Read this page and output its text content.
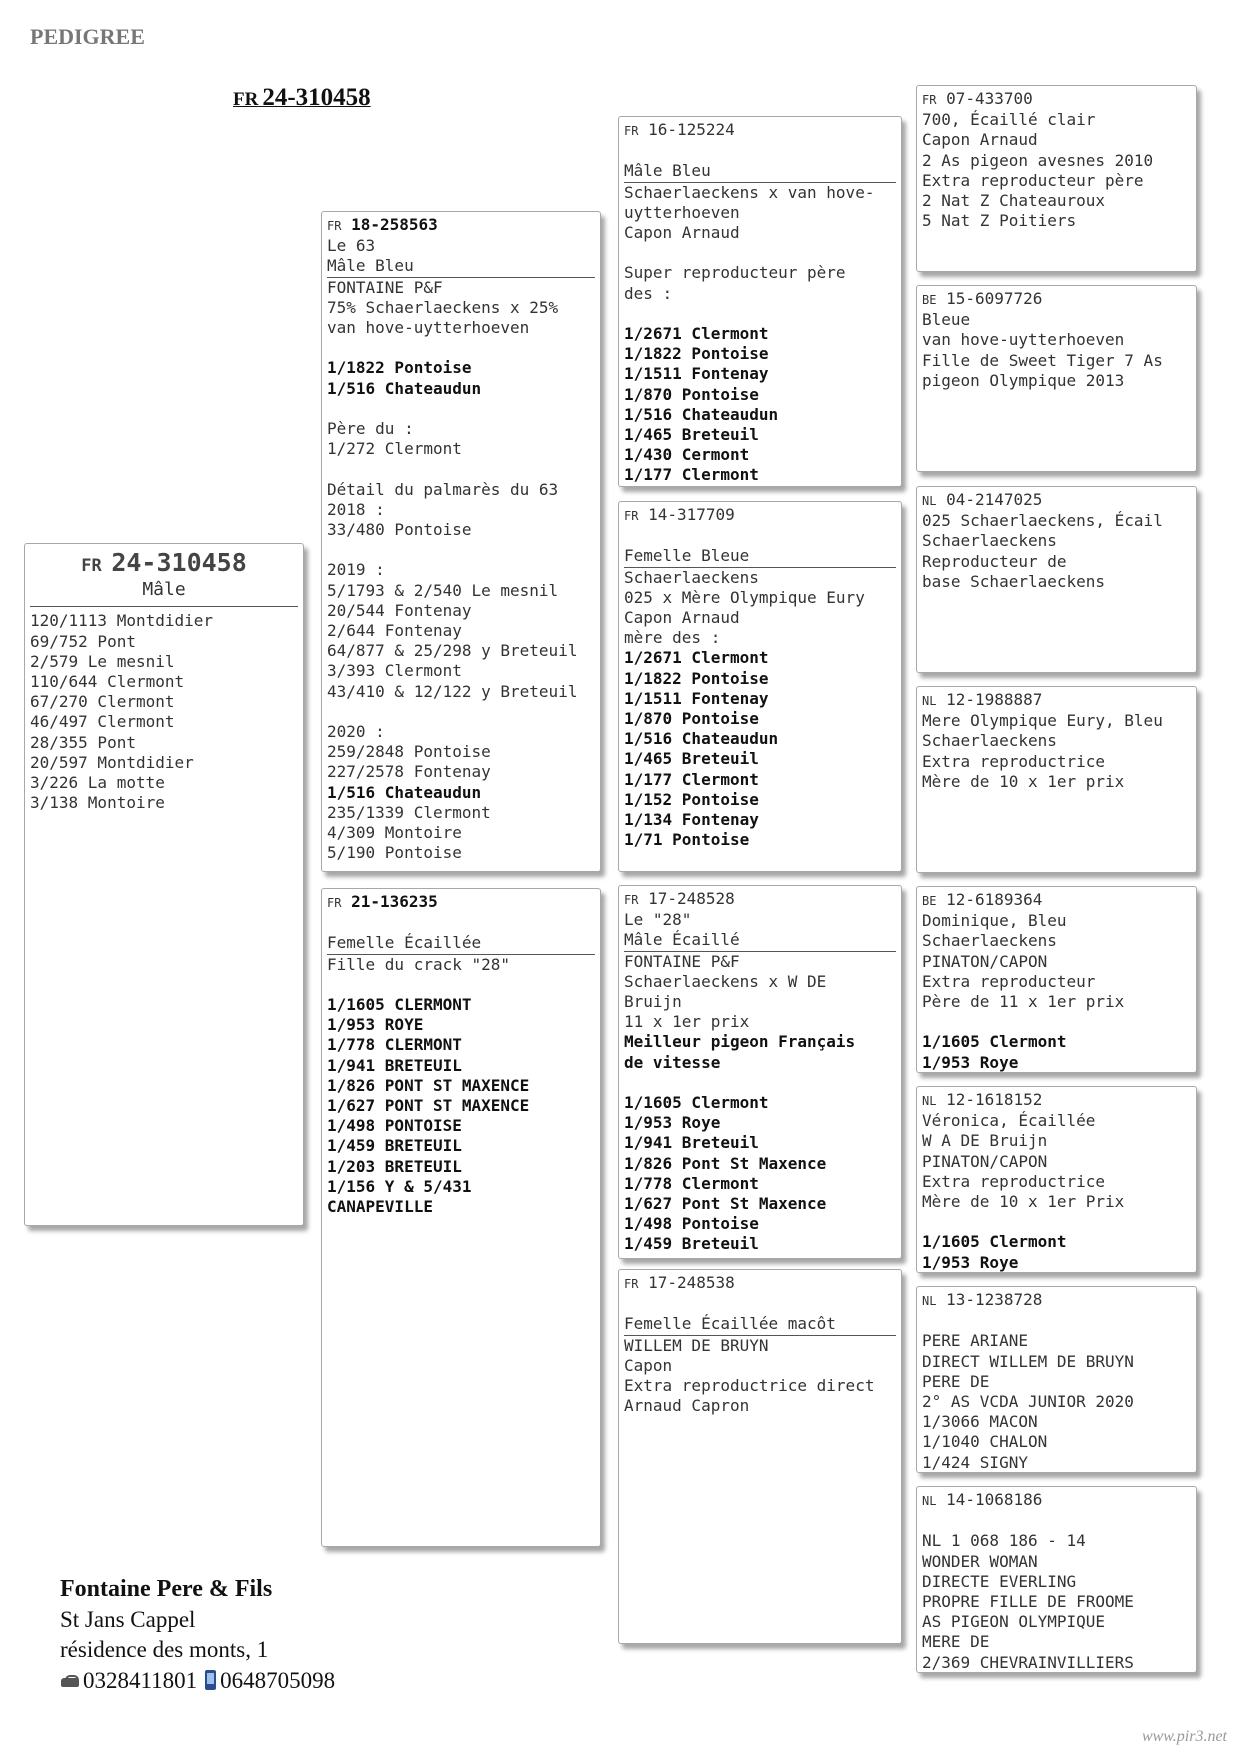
PEDIGREE
FR 24-310458
FR 24-310458
Mâle
120/1113 Montdidier
69/752 Pont
2/579 Le mesnil
110/644 Clermont
67/270 Clermont
46/497 Clermont
28/355 Pont
20/597 Montdidier
3/226 La motte
3/138 Montoire
FR 18-258563
Le 63
Mâle Bleu
FONTAINE P&F
75% Schaerlaeckens x 25%
van hove-uytterhoeven
1/1822 Pontoise
1/516 Chateaudun
Père du :
1/272 Clermont
Détail du palmarès du 63
2018 :
33/480 Pontoise
2019 :
5/1793 & 2/540 Le mesnil
20/544 Fontenay
2/644 Fontenay
64/877 & 25/298 y Breteuil
3/393 Clermont
43/410 & 12/122 y Breteuil
2020 :
259/2848 Pontoise
227/2578 Fontenay
1/516 Chateaudun
235/1339 Clermont
4/309 Montoire
5/190 Pontoise
FR 21-136235
Femelle Écaillée
Fille du crack "28"
1/1605 CLERMONT
1/953 ROYE
1/778 CLERMONT
1/941 BRETEUIL
1/826 PONT ST MAXENCE
1/627 PONT ST MAXENCE
1/498 PONTOISE
1/459 BRETEUIL
1/203 BRETEUIL
1/156 Y & 5/431
CANAPEVILLE
FR 16-125224
Mâle Bleu
Schaerlaeckens x van hove-
uytterhoeven
Capon Arnaud
Super reproducteur père
des :
1/2671 Clermont
1/1822 Pontoise
1/1511 Fontenay
1/870 Pontoise
1/516 Chateaudun
1/465 Breteuil
1/430 Cermont
1/177 Clermont
FR 14-317709
Femelle Bleue
Schaerlaeckens
025 x Mère Olympique Eury
Capon Arnaud
mère des :
1/2671 Clermont
1/1822 Pontoise
1/1511 Fontenay
1/870 Pontoise
1/516 Chateaudun
1/465 Breteuil
1/177 Clermont
1/152 Pontoise
1/134 Fontenay
1/71 Pontoise
FR 17-248528
Le "28"
Mâle Écaillé
FONTAINE P&F
Schaerlaeckens x W DE
Bruijn
11 x 1er prix
Meilleur pigeon Français
de vitesse
1/1605 Clermont
1/953 Roye
1/941 Breteuil
1/826 Pont St Maxence
1/778 Clermont
1/627 Pont St Maxence
1/498 Pontoise
1/459 Breteuil
FR 17-248538
Femelle Écaillée macôt
WILLEM DE BRUYN
Capon
Extra reproductrice direct
Arnaud Capron
FR 07-433700
700, Écaillé clair
Capon Arnaud
2 As pigeon avesnes 2010
Extra reproducteur père
2 Nat Z Chateauroux
5 Nat Z Poitiers
BE 15-6097726
Bleue
van hove-uytterhoeven
Fille de Sweet Tiger 7 As
pigeon Olympique 2013
NL 04-2147025
025 Schaerlaeckens, Écail
Schaerlaeckens
Reproducteur de
base Schaerlaeckens
NL 12-1988887
Mere Olympique Eury, Bleu
Schaerlaeckens
Extra reproductrice
Mère de 10 x 1er prix
BE 12-6189364
Dominique, Bleu
Schaerlaeckens
PINATON/CAPON
Extra reproducteur
Père de 11 x 1er prix
1/1605 Clermont
1/953 Roye
NL 12-1618152
Véronica, Écaillée
W A DE Bruijn
PINATON/CAPON
Extra reproductrice
Mère de 10 x 1er Prix
1/1605 Clermont
1/953 Roye
NL 13-1238728
PERE ARIANE
DIRECT WILLEM DE BRUYN
PERE DE
2° AS VCDA JUNIOR 2020
1/3066 MACON
1/1040 CHALON
1/424 SIGNY
NL 14-1068186
NL 1 068 186 - 14
WONDER WOMAN
DIRECTE EVERLING
PROPRE FILLE DE FROOME
AS PIGEON OLYMPIQUE
MERE DE
2/369 CHEVRAINVILLIERS
Fontaine Pere & Fils
St Jans Cappel
résidence des monts, 1
0328411801 0648705098
www.pir3.net
